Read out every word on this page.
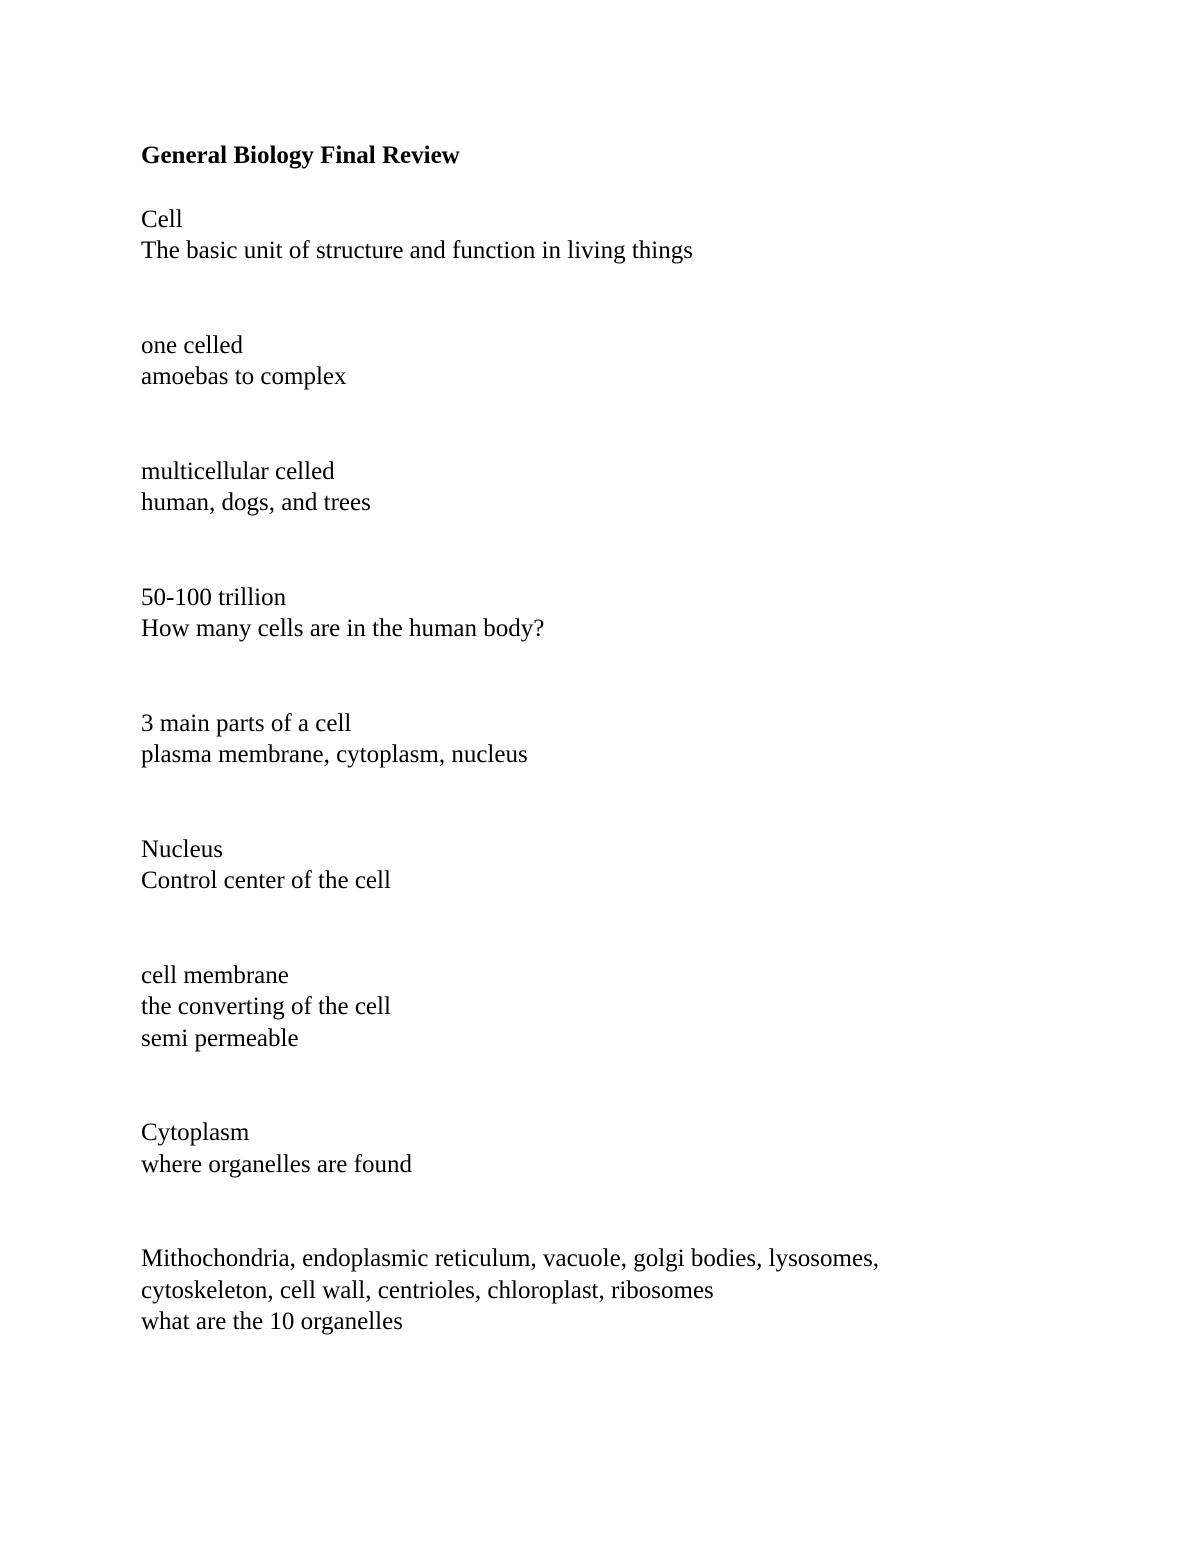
General Biology Final Review
Cell
The basic unit of structure and function in living things
one celled
amoebas to complex
multicellular celled
human, dogs, and trees
50-100 trillion
How many cells are in the human body?
3 main parts of a cell
plasma membrane, cytoplasm, nucleus
Nucleus
Control center of the cell
cell membrane
the converting of the cell
semi permeable
Cytoplasm
where organelles are found
Mithochondria, endoplasmic reticulum, vacuole, golgi bodies, lysosomes,
cytoskeleton, cell wall, centrioles, chloroplast, ribosomes
what are the 10 organelles
